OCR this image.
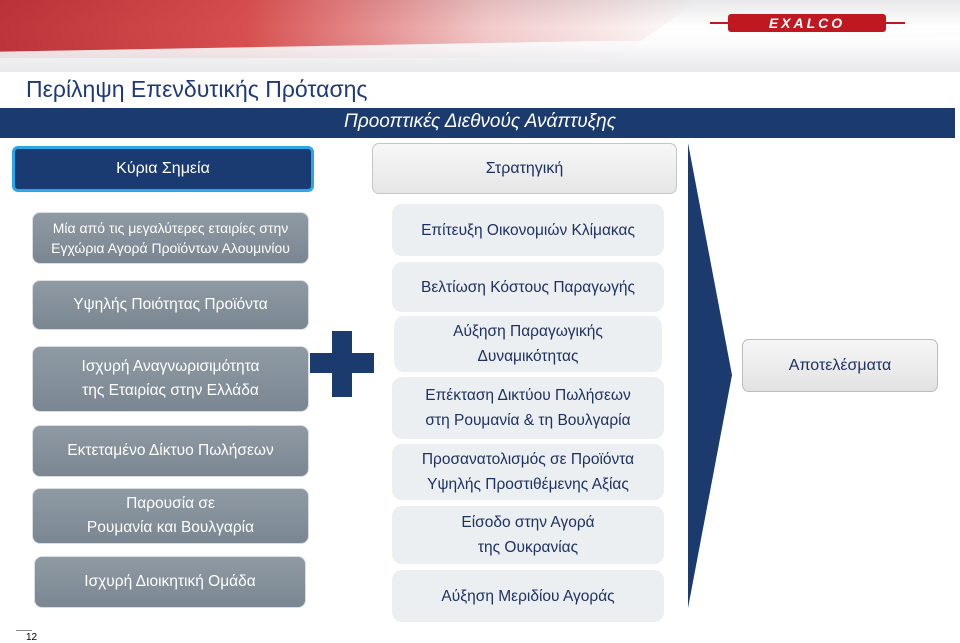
EXALCO
Περίληψη Επενδυτικής Πρότασης
Προοπτικές Διεθνούς Ανάπτυξης
Κύρια Σημεία
Μία από τις μεγαλύτερες εταιρίες στην
Εγχώρια Αγορά Προϊόντων Αλουμινίου
Υψηλής Ποιότητας Προϊόντα
Ισχυρή Αναγνωρισιμότητα
της Εταιρίας στην Ελλάδα
Εκτεταμένο Δίκτυο Πωλήσεων
Παρουσία σε
Ρουμανία και Βουλγαρία
Ισχυρή Διοικητική Ομάδα
Στρατηγική
Επίτευξη Οικονομιών Κλίμακας
Βελτίωση Κόστους Παραγωγής
Αύξηση Παραγωγικής
Δυναμικότητας
Επέκταση Δικτύου Πωλήσεων
στη Ρουμανία & τη Βουλγαρία
Προσανατολισμός σε Προϊόντα
Υψηλής Προστιθέμενης Αξίας
Είσοδο στην Αγορά
της Ουκρανίας
Αύξηση Μεριδίου Αγοράς
Αποτελέσματα
12
